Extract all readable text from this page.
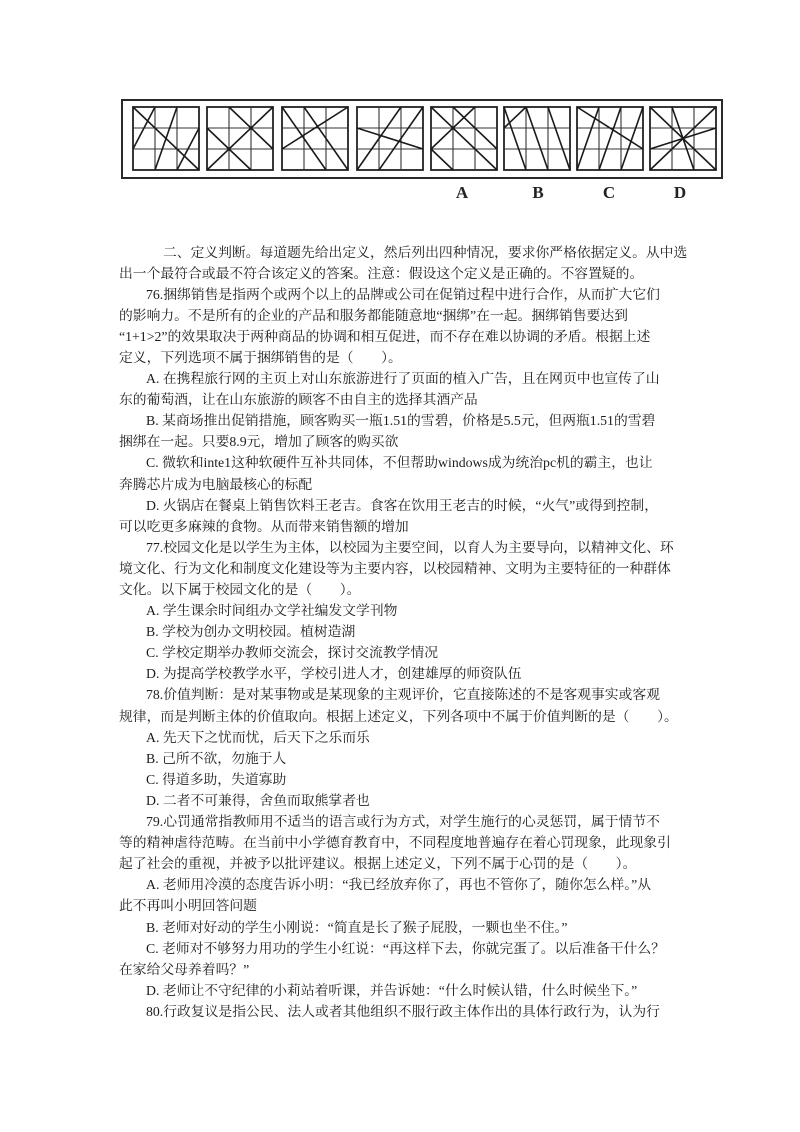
A	B	C	D
二、定义判断。每道题先给出定义，然后列出四种情况，要求你严格依据定义。从中选
出一个最符合或最不符合该定义的答案。注意：假设这个定义是正确的。不容置疑的。
76.捆绑销售是指两个或两个以上的品牌或公司在促销过程中进行合作，从而扩大它们
的影响力。不是所有的企业的产品和服务都能随意地“捆绑”在一起。捆绑销售要达到
“1+1>2”的效果取决于两种商品的协调和相互促进，而不存在难以协调的矛盾。根据上述
定义，下列选项不属于捆绑销售的是（　　）。
A. 在携程旅行网的主页上对山东旅游进行了页面的植入广告，且在网页中也宣传了山
东的葡萄酒，让在山东旅游的顾客不由自主的选择其酒产品
B. 某商场推出促销措施，顾客购买一瓶1.51的雪碧，价格是5.5元，但两瓶1.51的雪碧
捆绑在一起。只要8.9元，增加了顾客的购买欲
C. 微软和inte1这种软硬件互补共同体，不但帮助windows成为统治pc机的霸主，也让
奔腾芯片成为电脑最核心的标配
D. 火锅店在餐桌上销售饮料王老吉。食客在饮用王老吉的时候，“火气”或得到控制，
可以吃更多麻辣的食物。从而带来销售额的增加
77.校园文化是以学生为主体，以校园为主要空间，以育人为主要导向，以精神文化、环
境文化、行为文化和制度文化建设等为主要内容，以校园精神、文明为主要特征的一种群体
文化。以下属于校园文化的是（　　）。
A. 学生课余时间组办文学社编发文学刊物
B. 学校为创办文明校园。植树造湖
C. 学校定期举办教师交流会，探讨交流教学情况
D. 为提高学校教学水平，学校引进人才，创建雄厚的师资队伍
78.价值判断：是对某事物或是某现象的主观评价，它直接陈述的不是客观事实或客观
规律，而是判断主体的价值取向。根据上述定义，下列各项中不属于价值判断的是（　　）。
A. 先天下之忧而忧，后天下之乐而乐
B. 己所不欲，勿施于人
C. 得道多助，失道寡助
D. 二者不可兼得，舍鱼而取熊掌者也
79.心罚通常指教师用不适当的语言或行为方式，对学生施行的心灵惩罚，属于情节不
等的精神虐待范畴。在当前中小学德育教育中，不同程度地普遍存在着心罚现象，此现象引
起了社会的重视，并被予以批评建议。根据上述定义，下列不属于心罚的是（　　）。
A. 老师用冷漠的态度告诉小明：“我已经放弃你了，再也不管你了，随你怎么样。”从
此不再叫小明回答问题
B. 老师对好动的学生小刚说：“简直是长了猴子屁股，一颗也坐不住。”
C. 老师对不够努力用功的学生小红说：“再这样下去，你就完蛋了。以后准备干什么？
在家给父母养着吗？”
D. 老师让不守纪律的小莉站着听课，并告诉她：“什么时候认错，什么时候坐下。”
80.行政复议是指公民、法人或者其他组织不服行政主体作出的具体行政行为，认为行
